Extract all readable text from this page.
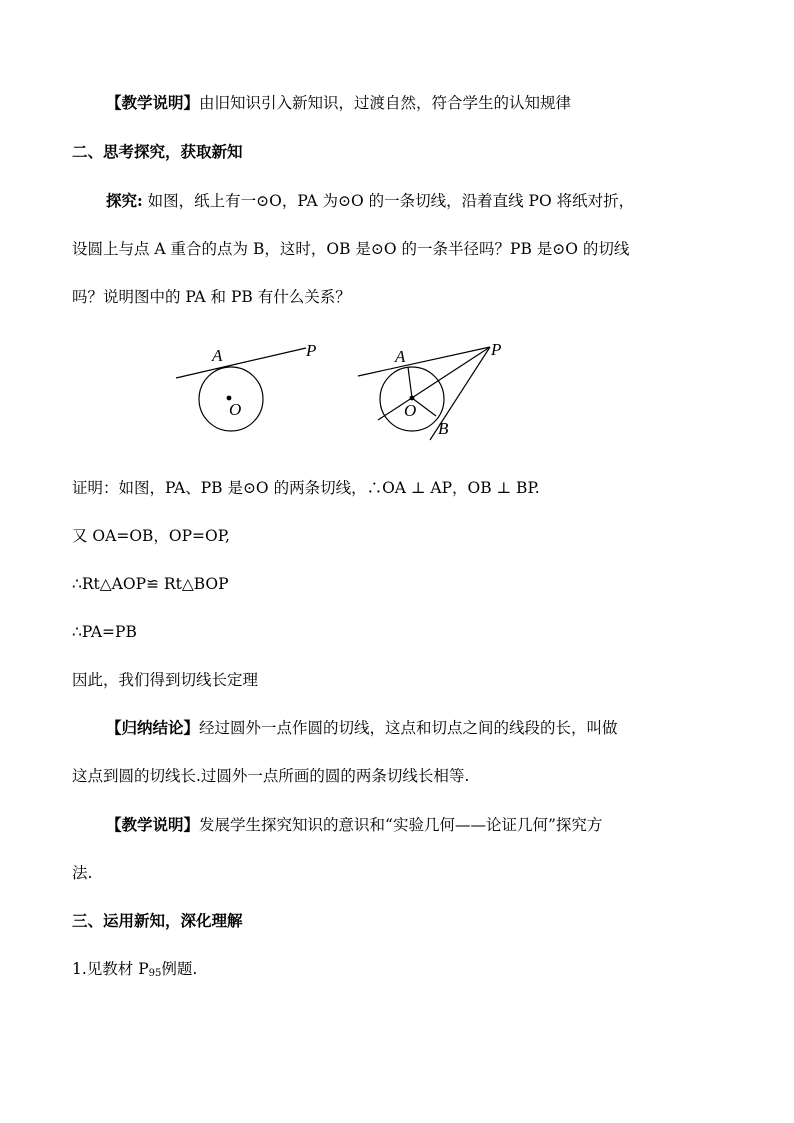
【教学说明】由旧知识引入新知识，过渡自然，符合学生的认知规律
二、思考探究，获取新知
探究: 如图，纸上有一⊙O，PA 为⊙O 的一条切线，沿着直线 PO 将纸对折，
设圆上与点 A 重合的点为 B，这时，OB 是⊙O 的一条半径吗？PB 是⊙O 的切线
吗？说明图中的 PA 和 PB 有什么关系？
A	P
O
A	P
O
B
证明：如图，PA、PB 是⊙O 的两条切线，∴OA ⊥ AP，OB ⊥ BP.
又 OA=OB，OP=OP,
∴Rt△AOP≌ Rt△BOP
∴PA=PB
因此，我们得到切线长定理
【归纳结论】经过圆外一点作圆的切线，这点和切点之间的线段的长，叫做
这点到圆的切线长.过圆外一点所画的圆的两条切线长相等.
【教学说明】发展学生探究知识的意识和“实验几何——论证几何”探究方
法.
三、运用新知，深化理解
1.见教材 $P_{95}$例题.
